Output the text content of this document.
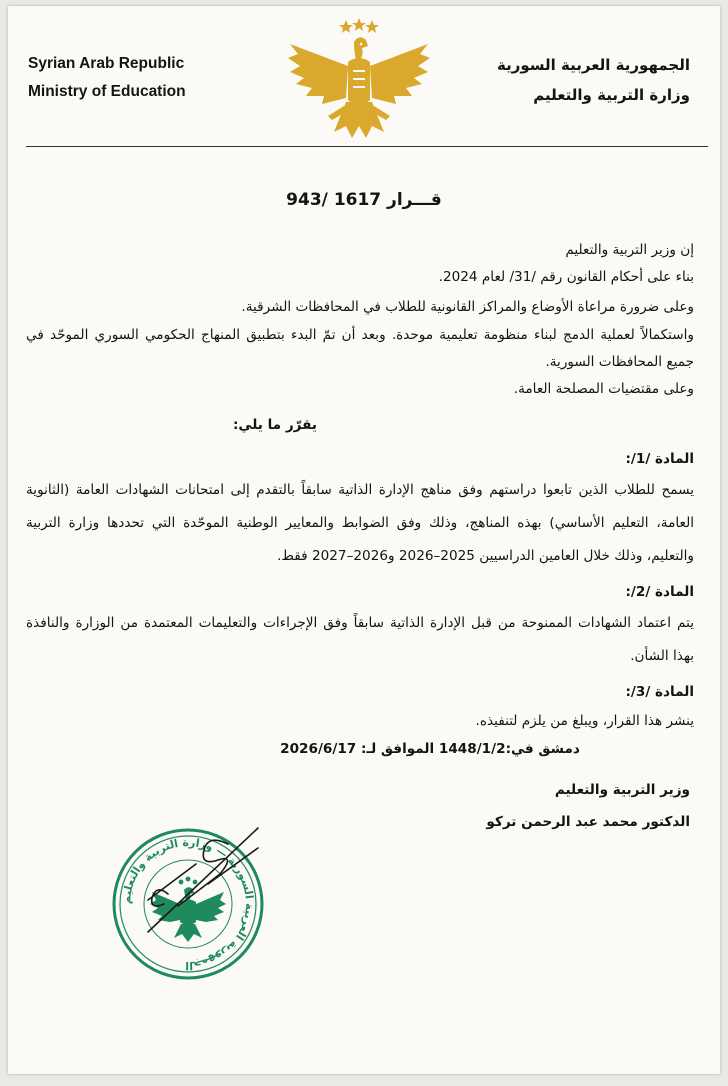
Syrian Arab Republic
Ministry of Education
الجمهورية العربية السورية
وزارة التربية والتعليم
قـــرار 1617 /943

إن وزير التربية والتعليم

بناء على أحكام القانون رقم /31/ لعام 2024.

وعلى ضرورة مراعاة الأوضاع والمراكز القانونية للطلاب في المحافظات الشرقية.

واستكمالاً لعملية الدمج لبناء منظومة تعليمية موحدة. وبعد أن تمّ البدء بتطبيق المنهاج الحكومي السوري الموحّد في جميع المحافظات السورية.

وعلى مقتضيات المصلحة العامة.

يقرّر ما يلي:

المادة /1/:

يسمح للطلاب الذين تابعوا دراستهم وفق مناهج الإدارة الذاتية سابقاً بالتقدم إلى امتحانات الشهادات العامة (الثانوية العامة، التعليم الأساسي) بهذه المناهج، وذلك وفق الضوابط والمعايير الوطنية الموحّدة التي تحددها وزارة التربية والتعليم، وذلك خلال العامين الدراسيين 2025–2026 و2026–2027 فقط.

المادة /2/:

يتم اعتماد الشهادات الممنوحة من قبل الإدارة الذاتية سابقاً وفق الإجراءات والتعليمات المعتمدة من الوزارة والنافذة بهذا الشأن.

المادة /3/:

ينشر هذا القرار، ويبلغ من يلزم لتنفيذه.

دمشق في:1448/1/2 الموافق لـ: 2026/6/17

وزير التربية والتعليم
الدكتور محمد عبد الرحمن تركو
الجمهورية العربية السورية — وزارة التربية والتعليم
